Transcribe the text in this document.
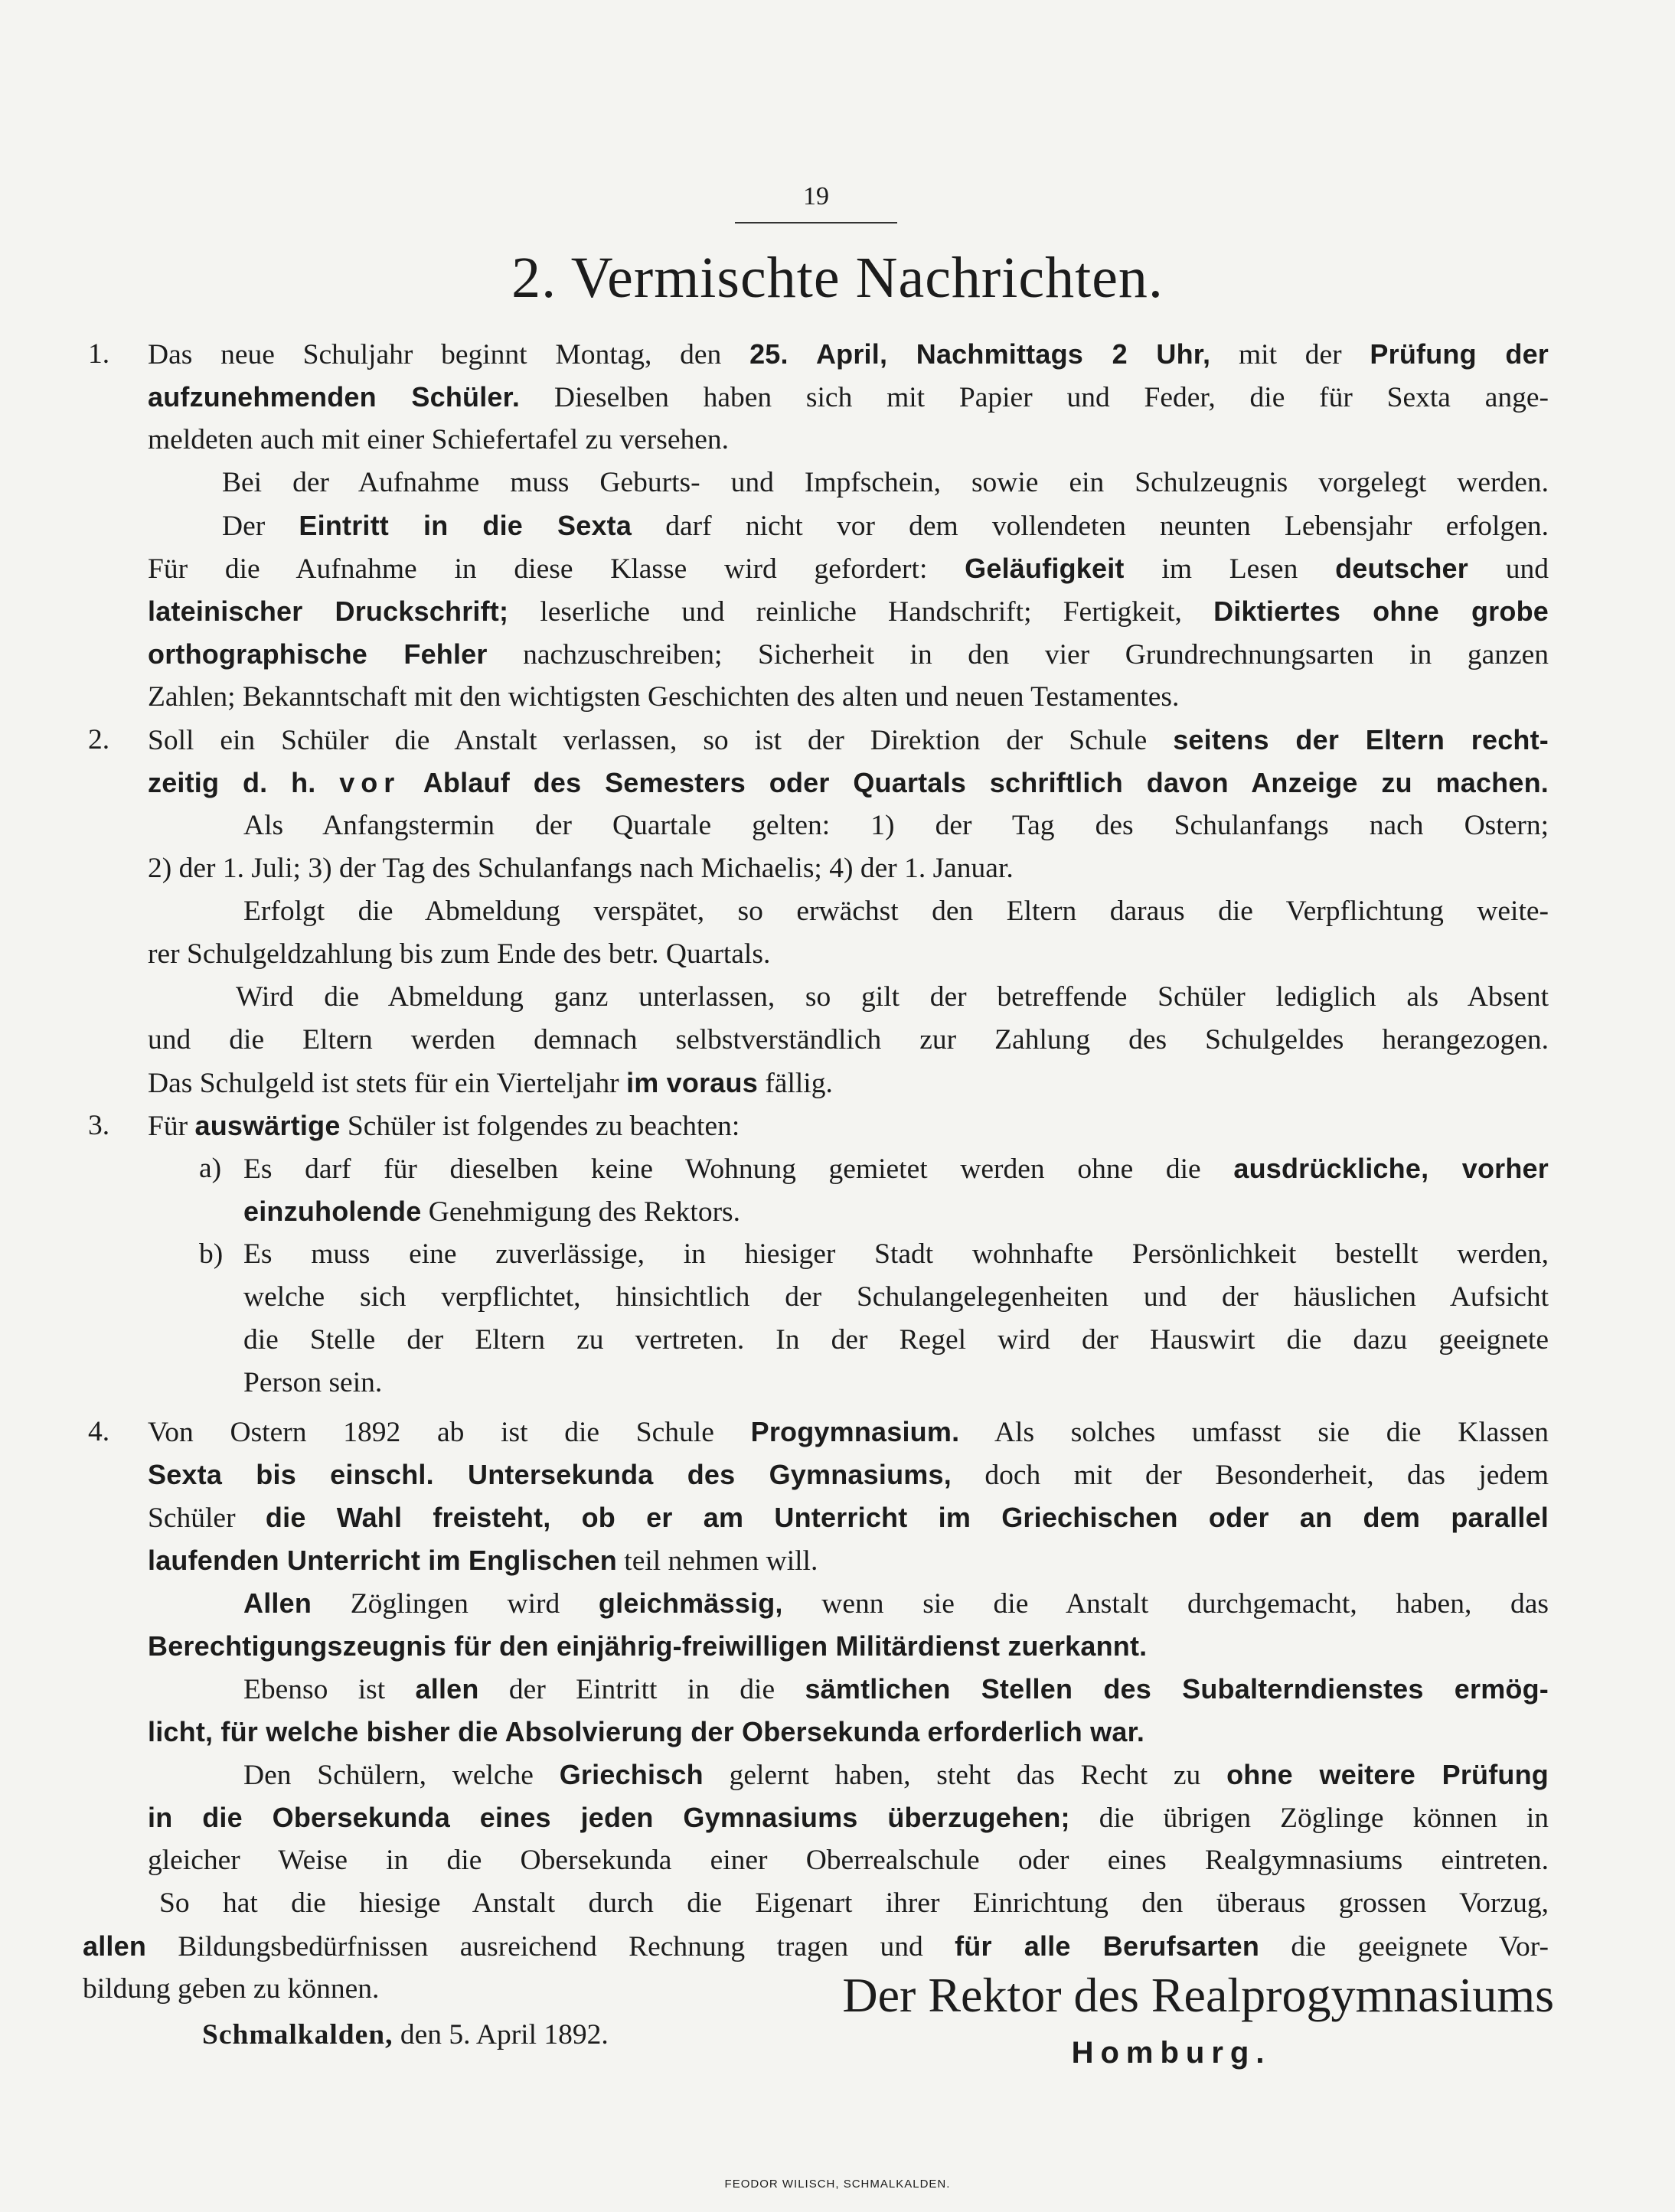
19
2. Vermischte Nachrichten.
1. Das neue Schuljahr beginnt Montag, den 25. April, Nachmittags 2 Uhr, mit der Prüfung der
aufzunehmenden Schüler. Dieselben haben sich mit Papier und Feder, die für Sexta ange-
meldeten auch mit einer Schiefertafel zu versehen.
Bei der Aufnahme muss Geburts- und Impfschein, sowie ein Schulzeugnis vorgelegt werden.
Der Eintritt in die Sexta darf nicht vor dem vollendeten neunten Lebensjahr erfolgen.
Für die Aufnahme in diese Klasse wird gefordert: Geläufigkeit im Lesen deutscher und
lateinischer Druckschrift; leserliche und reinliche Handschrift; Fertigkeit, Diktiertes ohne grobe
orthographische Fehler nachzuschreiben; Sicherheit in den vier Grundrechnungsarten in ganzen
Zahlen; Bekanntschaft mit den wichtigsten Geschichten des alten und neuen Testamentes.
2. Soll ein Schüler die Anstalt verlassen, so ist der Direktion der Schule seitens der Eltern recht-
zeitig d. h. vor Ablauf des Semesters oder Quartals schriftlich davon Anzeige zu machen.
Als Anfangstermin der Quartale gelten: 1) der Tag des Schulanfangs nach Ostern;
2) der 1. Juli; 3) der Tag des Schulanfangs nach Michaelis; 4) der 1. Januar.
Erfolgt die Abmeldung verspätet, so erwächst den Eltern daraus die Verpflichtung weite-
rer Schulgeldzahlung bis zum Ende des betr. Quartals.
Wird die Abmeldung ganz unterlassen, so gilt der betreffende Schüler lediglich als Absent
und die Eltern werden demnach selbstverständlich zur Zahlung des Schulgeldes herangezogen.
Das Schulgeld ist stets für ein Vierteljahr im voraus fällig.
3. Für auswärtige Schüler ist folgendes zu beachten:
a) Es darf für dieselben keine Wohnung gemietet werden ohne die ausdrückliche, vorher
einzuholende Genehmigung des Rektors.
b) Es muss eine zuverlässige, in hiesiger Stadt wohnhafte Persönlichkeit bestellt werden,
welche sich verpflichtet, hinsichtlich der Schulangelegenheiten und der häuslichen Aufsicht
die Stelle der Eltern zu vertreten. In der Regel wird der Hauswirt die dazu geeignete
Person sein.
4. Von Ostern 1892 ab ist die Schule Progymnasium. Als solches umfasst sie die Klassen
Sexta bis einschl. Untersekunda des Gymnasiums, doch mit der Besonderheit, das jedem
Schüler die Wahl freisteht, ob er am Unterricht im Griechischen oder an dem parallel
laufenden Unterricht im Englischen teil nehmen will.
Allen Zöglingen wird gleichmässig, wenn sie die Anstalt durchgemacht, haben, das
Berechtigungszeugnis für den einjährig-freiwilligen Militärdienst zuerkannt.
Ebenso ist allen der Eintritt in die sämtlichen Stellen des Subalterndienstes ermög-
licht, für welche bisher die Absolvierung der Obersekunda erforderlich war.
Den Schülern, welche Griechisch gelernt haben, steht das Recht zu ohne weitere Prüfung
in die Obersekunda eines jeden Gymnasiums überzugehen; die übrigen Zöglinge können in
gleicher Weise in die Obersekunda einer Oberrealschule oder eines Realgymnasiums eintreten.
So hat die hiesige Anstalt durch die Eigenart ihrer Einrichtung den überaus grossen Vorzug,
allen Bildungsbedürfnissen ausreichend Rechnung tragen und für alle Berufsarten die geeignete Vor-
bildung geben zu können.
Schmalkalden, den 5. April 1892.
Der Rektor des Realprogymnasiums
Homburg.
FEODOR WILISCH, SCHMALKALDEN.
